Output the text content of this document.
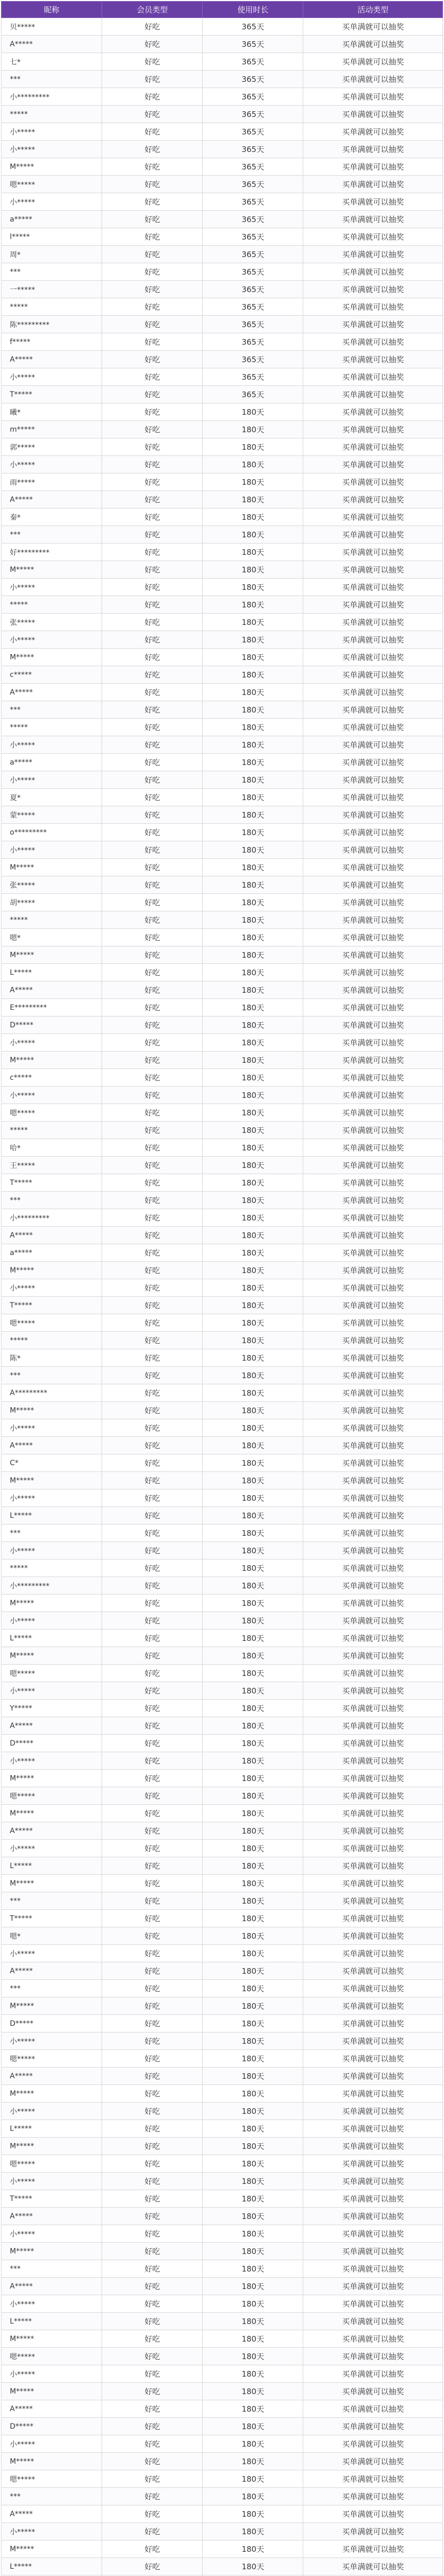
昵称	会员类型	使用时长	活动类型
贝*****	好吃	365天	买单满就可以抽奖
A*****	好吃	365天	买单满就可以抽奖
七*	好吃	365天	买单满就可以抽奖
***	好吃	365天	买单满就可以抽奖
小*********	好吃	365天	买单满就可以抽奖
*****	好吃	365天	买单满就可以抽奖
小*****	好吃	365天	买单满就可以抽奖
小*****	好吃	365天	买单满就可以抽奖
M*****	好吃	365天	买单满就可以抽奖
嗯*****	好吃	365天	买单满就可以抽奖
小*****	好吃	365天	买单满就可以抽奖
a*****	好吃	365天	买单满就可以抽奖
l*****	好吃	365天	买单满就可以抽奖
周*	好吃	365天	买单满就可以抽奖
***	好吃	365天	买单满就可以抽奖
一*****	好吃	365天	买单满就可以抽奖
*****	好吃	365天	买单满就可以抽奖
陈*********	好吃	365天	买单满就可以抽奖
f*****	好吃	365天	买单满就可以抽奖
A*****	好吃	365天	买单满就可以抽奖
小*****	好吃	365天	买单满就可以抽奖
T*****	好吃	365天	买单满就可以抽奖
曦*	好吃	180天	买单满就可以抽奖
m*****	好吃	180天	买单满就可以抽奖
郭*****	好吃	180天	买单满就可以抽奖
小*****	好吃	180天	买单满就可以抽奖
雨*****	好吃	180天	买单满就可以抽奖
A*****	好吃	180天	买单满就可以抽奖
秦*	好吃	180天	买单满就可以抽奖
***	好吃	180天	买单满就可以抽奖
好*********	好吃	180天	买单满就可以抽奖
M*****	好吃	180天	买单满就可以抽奖
小*****	好吃	180天	买单满就可以抽奖
*****	好吃	180天	买单满就可以抽奖
张*****	好吃	180天	买单满就可以抽奖
小*****	好吃	180天	买单满就可以抽奖
M*****	好吃	180天	买单满就可以抽奖
c*****	好吃	180天	买单满就可以抽奖
A*****	好吃	180天	买单满就可以抽奖
***	好吃	180天	买单满就可以抽奖
*****	好吃	180天	买单满就可以抽奖
小*****	好吃	180天	买单满就可以抽奖
a*****	好吃	180天	买单满就可以抽奖
小*****	好吃	180天	买单满就可以抽奖
夏*	好吃	180天	买单满就可以抽奖
蒙*****	好吃	180天	买单满就可以抽奖
o*********	好吃	180天	买单满就可以抽奖
小*****	好吃	180天	买单满就可以抽奖
M*****	好吃	180天	买单满就可以抽奖
张*****	好吃	180天	买单满就可以抽奖
胡*****	好吃	180天	买单满就可以抽奖
*****	好吃	180天	买单满就可以抽奖
嗯*	好吃	180天	买单满就可以抽奖
M*****	好吃	180天	买单满就可以抽奖
L*****	好吃	180天	买单满就可以抽奖
A*****	好吃	180天	买单满就可以抽奖
E*********	好吃	180天	买单满就可以抽奖
D*****	好吃	180天	买单满就可以抽奖
小*****	好吃	180天	买单满就可以抽奖
M*****	好吃	180天	买单满就可以抽奖
c*****	好吃	180天	买单满就可以抽奖
小*****	好吃	180天	买单满就可以抽奖
嗯*****	好吃	180天	买单满就可以抽奖
*****	好吃	180天	买单满就可以抽奖
哈*	好吃	180天	买单满就可以抽奖
王*****	好吃	180天	买单满就可以抽奖
T*****	好吃	180天	买单满就可以抽奖
***	好吃	180天	买单满就可以抽奖
小*********	好吃	180天	买单满就可以抽奖
A*****	好吃	180天	买单满就可以抽奖
a*****	好吃	180天	买单满就可以抽奖
M*****	好吃	180天	买单满就可以抽奖
小*****	好吃	180天	买单满就可以抽奖
T*****	好吃	180天	买单满就可以抽奖
嗯*****	好吃	180天	买单满就可以抽奖
*****	好吃	180天	买单满就可以抽奖
陈*	好吃	180天	买单满就可以抽奖
***	好吃	180天	买单满就可以抽奖
A*********	好吃	180天	买单满就可以抽奖
M*****	好吃	180天	买单满就可以抽奖
小*****	好吃	180天	买单满就可以抽奖
A*****	好吃	180天	买单满就可以抽奖
C*	好吃	180天	买单满就可以抽奖
M*****	好吃	180天	买单满就可以抽奖
小*****	好吃	180天	买单满就可以抽奖
L*****	好吃	180天	买单满就可以抽奖
***	好吃	180天	买单满就可以抽奖
小*****	好吃	180天	买单满就可以抽奖
*****	好吃	180天	买单满就可以抽奖
小*********	好吃	180天	买单满就可以抽奖
M*****	好吃	180天	买单满就可以抽奖
小*****	好吃	180天	买单满就可以抽奖
L*****	好吃	180天	买单满就可以抽奖
M*****	好吃	180天	买单满就可以抽奖
嗯*****	好吃	180天	买单满就可以抽奖
小*****	好吃	180天	买单满就可以抽奖
Y*****	好吃	180天	买单满就可以抽奖
A*****	好吃	180天	买单满就可以抽奖
D*****	好吃	180天	买单满就可以抽奖
小*****	好吃	180天	买单满就可以抽奖
M*****	好吃	180天	买单满就可以抽奖
嗯*****	好吃	180天	买单满就可以抽奖
M*****	好吃	180天	买单满就可以抽奖
A*****	好吃	180天	买单满就可以抽奖
小*****	好吃	180天	买单满就可以抽奖
L*****	好吃	180天	买单满就可以抽奖
M*****	好吃	180天	买单满就可以抽奖
***	好吃	180天	买单满就可以抽奖
T*****	好吃	180天	买单满就可以抽奖
嗯*	好吃	180天	买单满就可以抽奖
小*****	好吃	180天	买单满就可以抽奖
A*****	好吃	180天	买单满就可以抽奖
***	好吃	180天	买单满就可以抽奖
M*****	好吃	180天	买单满就可以抽奖
D*****	好吃	180天	买单满就可以抽奖
小*****	好吃	180天	买单满就可以抽奖
嗯*****	好吃	180天	买单满就可以抽奖
A*****	好吃	180天	买单满就可以抽奖
M*****	好吃	180天	买单满就可以抽奖
小*****	好吃	180天	买单满就可以抽奖
L*****	好吃	180天	买单满就可以抽奖
M*****	好吃	180天	买单满就可以抽奖
嗯*****	好吃	180天	买单满就可以抽奖
小*****	好吃	180天	买单满就可以抽奖
T*****	好吃	180天	买单满就可以抽奖
A*****	好吃	180天	买单满就可以抽奖
小*****	好吃	180天	买单满就可以抽奖
M*****	好吃	180天	买单满就可以抽奖
***	好吃	180天	买单满就可以抽奖
A*****	好吃	180天	买单满就可以抽奖
小*****	好吃	180天	买单满就可以抽奖
L*****	好吃	180天	买单满就可以抽奖
M*****	好吃	180天	买单满就可以抽奖
嗯*****	好吃	180天	买单满就可以抽奖
小*****	好吃	180天	买单满就可以抽奖
M*****	好吃	180天	买单满就可以抽奖
A*****	好吃	180天	买单满就可以抽奖
D*****	好吃	180天	买单满就可以抽奖
小*****	好吃	180天	买单满就可以抽奖
M*****	好吃	180天	买单满就可以抽奖
嗯*****	好吃	180天	买单满就可以抽奖
***	好吃	180天	买单满就可以抽奖
A*****	好吃	180天	买单满就可以抽奖
小*****	好吃	180天	买单满就可以抽奖
M*****	好吃	180天	买单满就可以抽奖
L*****	好吃	180天	买单满就可以抽奖
